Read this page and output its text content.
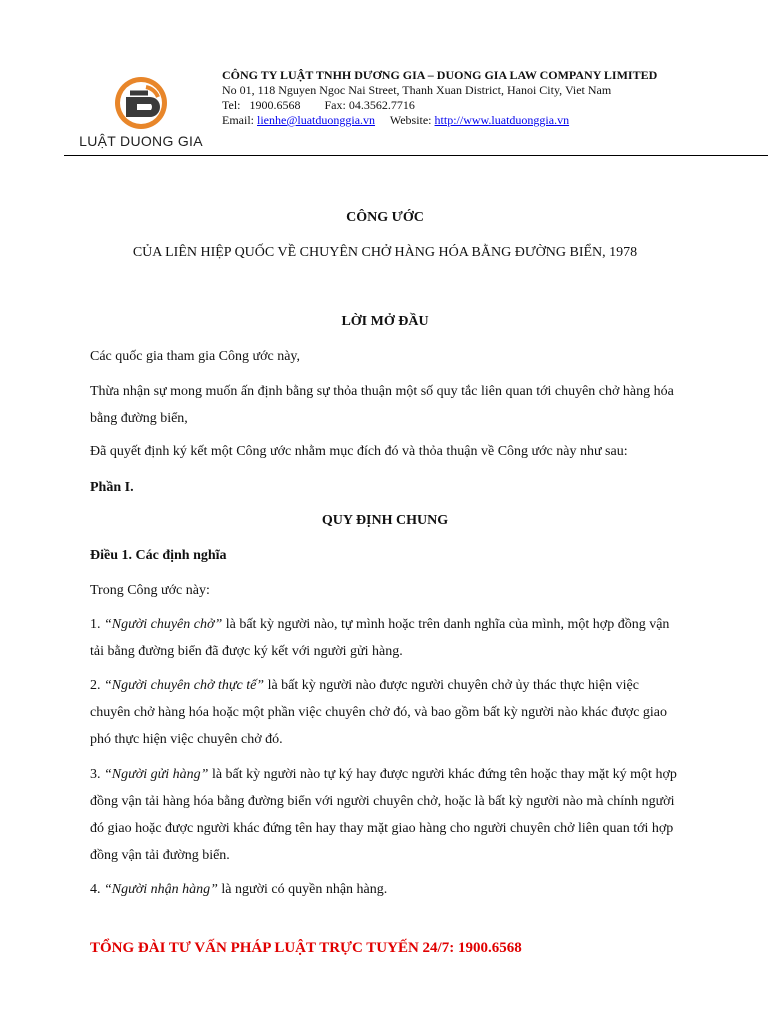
LUẬT DUONG GIA
CÔNG TY LUẬT TNHH DƯƠNG GIA – DUONG GIA LAW COMPANY LIMITED
No 01, 118 Nguyen Ngoc Nai Street, Thanh Xuan District, Hanoi City, Viet Nam
Tel: 1900.6568 Fax: 04.3562.7716
Email: lienhe@luatduonggia.vn Website: http://www.luatduonggia.vn
CÔNG ƯỚC
CỦA LIÊN HIỆP QUỐC VỀ CHUYÊN CHỞ HÀNG HÓA BẰNG ĐƯỜNG BIỂN, 1978
LỜI MỞ ĐẦU
Các quốc gia tham gia Công ước này,
Thừa nhận sự mong muốn ấn định bằng sự thỏa thuận một số quy tắc liên quan tới chuyên chở hàng hóa bằng đường biển,
Đã quyết định ký kết một Công ước nhằm mục đích đó và thỏa thuận về Công ước này như sau:
Phần I.
QUY ĐỊNH CHUNG
Điều 1. Các định nghĩa
Trong Công ước này:
1. “Người chuyên chở” là bất kỳ người nào, tự mình hoặc trên danh nghĩa của mình, một hợp đồng vận tải bằng đường biển đã được ký kết với người gửi hàng.
2. “Người chuyên chở thực tế” là bất kỳ người nào được người chuyên chở ủy thác thực hiện việc chuyên chở hàng hóa hoặc một phần việc chuyên chở đó, và bao gồm bất kỳ người nào khác được giao phó thực hiện việc chuyên chở đó.
3. “Người gửi hàng” là bất kỳ người nào tự ký hay được người khác đứng tên hoặc thay mặt ký một hợp đồng vận tải hàng hóa bằng đường biển với người chuyên chở, hoặc là bất kỳ người nào mà chính người đó giao hoặc được người khác đứng tên hay thay mặt giao hàng cho người chuyên chở liên quan tới hợp đồng vận tải đường biển.
4. “Người nhận hàng” là người có quyền nhận hàng.
TỔNG ĐÀI TƯ VẤN PHÁP LUẬT TRỰC TUYẾN 24/7: 1900.6568
